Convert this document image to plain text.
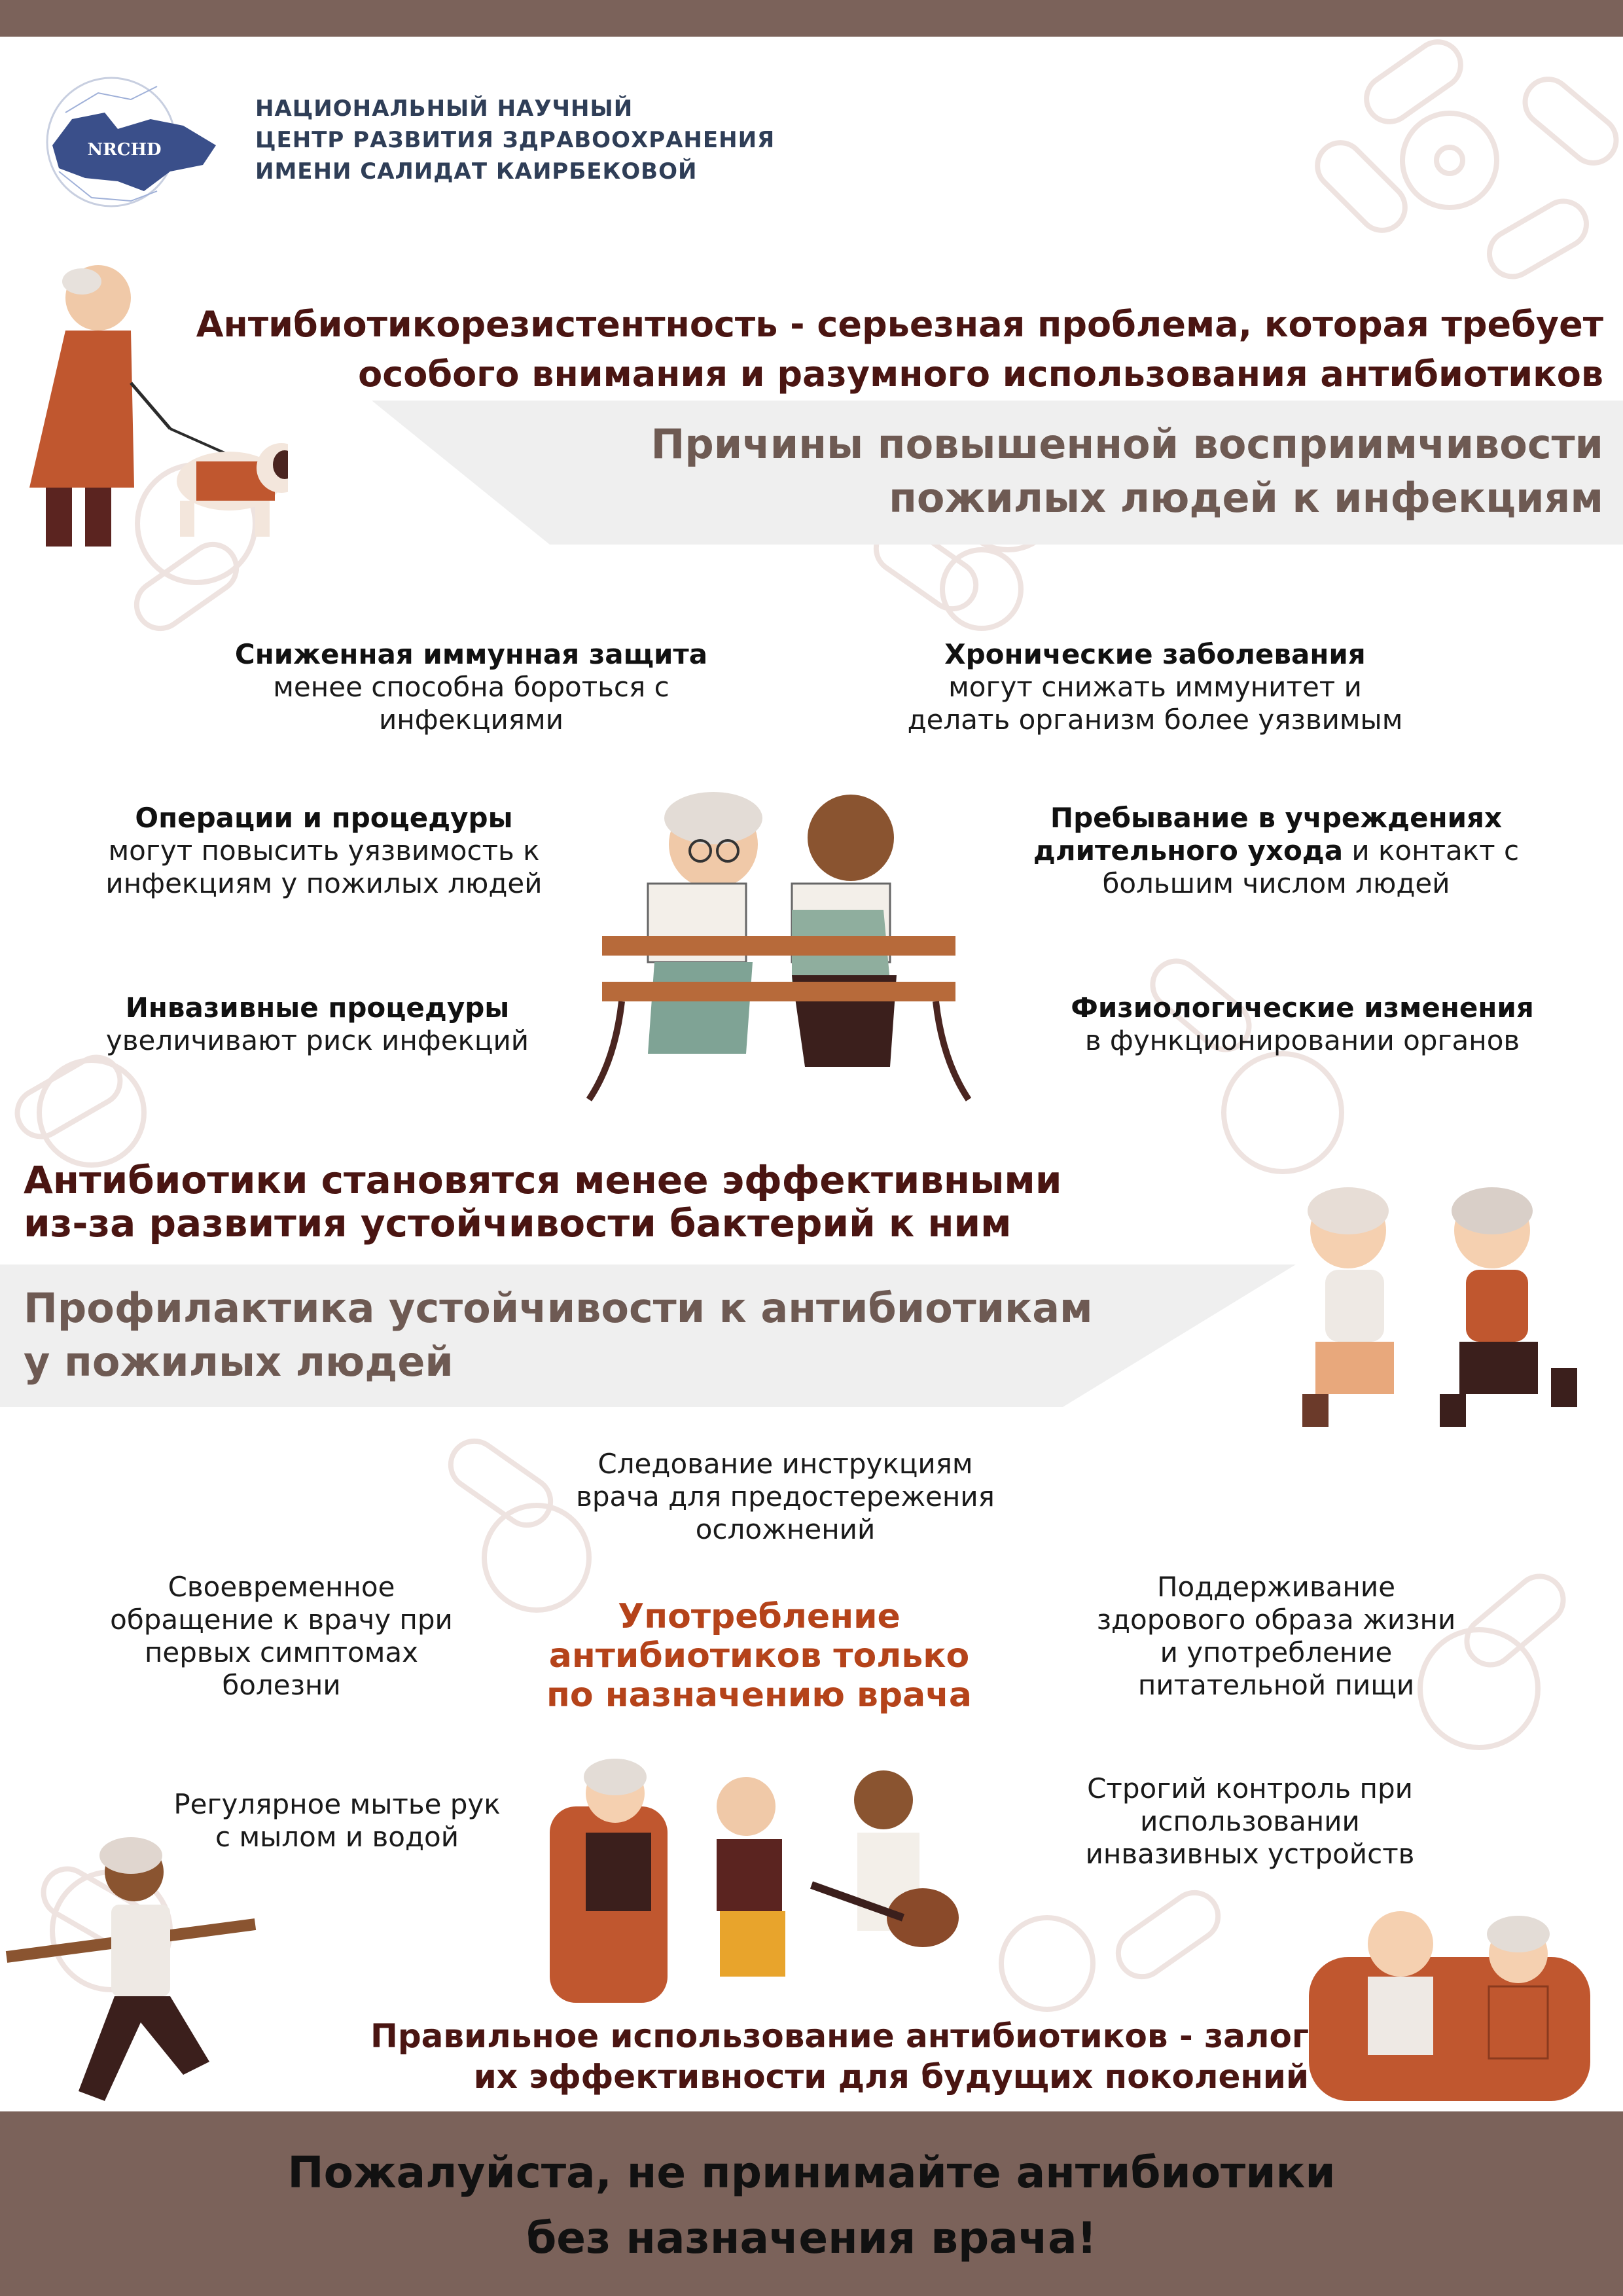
NRCHD
НАЦИОНАЛЬНЫЙ НАУЧНЫЙ
ЦЕНТР РАЗВИТИЯ ЗДРАВООХРАНЕНИЯ
ИМЕНИ САЛИДАТ КАИРБЕКОВОЙ
Антибиотикорезистентность - серьезная проблема, которая требует
особого внимания и разумного использования антибиотиков
Причины повышенной восприимчивости
пожилых людей к инфекциям
Сниженная иммунная защита
менее способна бороться с
инфекциями
Хронические заболевания
могут снижать иммунитет и
делать организм более уязвимым
Операции и процедуры
могут повысить уязвимость к
инфекциям у пожилых людей
Пребывание в учреждениях
длительного ухода и контакт с
большим числом людей
Инвазивные процедуры
увеличивают риск инфекций
Физиологические изменения
в функционировании органов
Антибиотики становятся менее эффективными
из-за развития устойчивости бактерий к ним
Профилактика устойчивости к антибиотикам
у пожилых людей
Следование инструкциям
врача для предостережения
осложнений
Своевременное
обращение к врачу при
первых симптомах
болезни
Употребление
антибиотиков только
по назначению врача
Поддерживание
здорового образа жизни
и употребление
питательной пищи
Регулярное мытье рук
с мылом и водой
Строгий контроль при
использовании
инвазивных устройств
Правильное использование антибиотиков - залог
их эффективности для будущих поколений
Пожалуйста, не принимайте антибиотики
без назначения врача!
